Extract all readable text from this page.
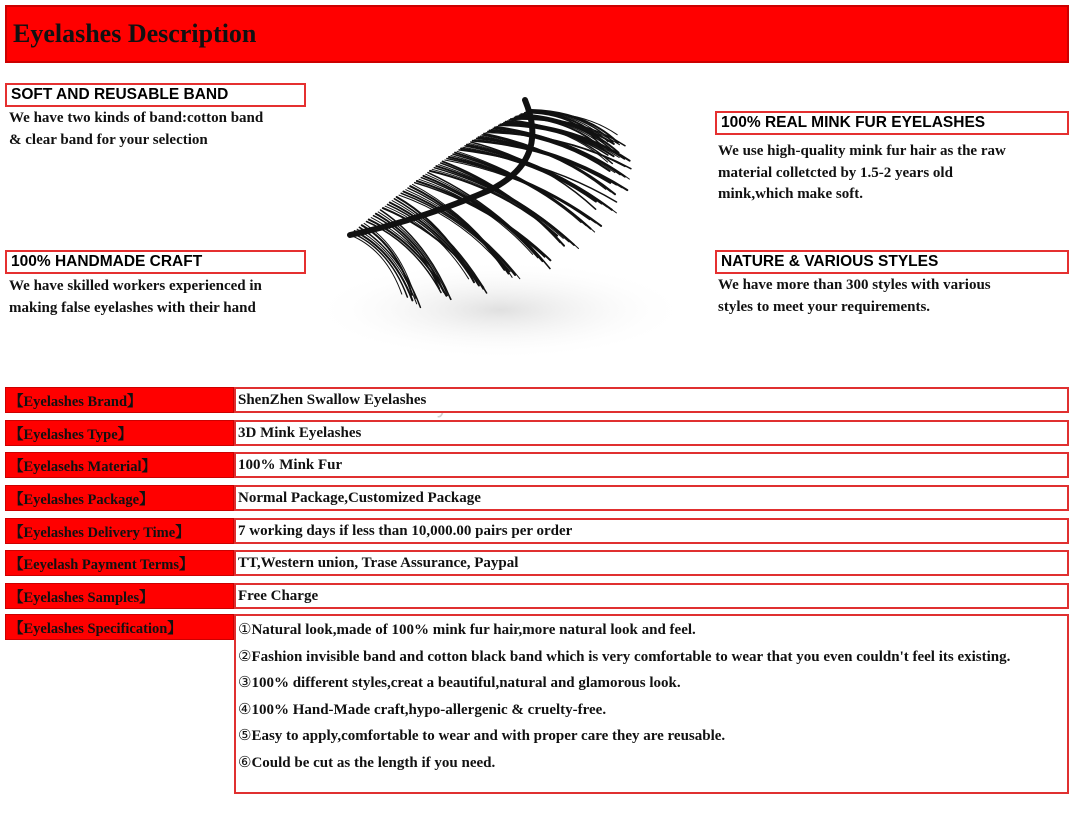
Eyelashes Description
SOFT AND REUSABLE BAND
We have two kinds of band:cotton band
& clear band for your selection
100% HANDMADE CRAFT
We have skilled workers experienced in
making false eyelashes with their hand
100% REAL MINK FUR EYELASHES
We use high-quality mink fur hair as the raw
material colletcted by 1.5-2 years old
mink,which make soft.
NATURE & VARIOUS STYLES
We have more than 300 styles with various
styles to meet your requirements.
【Eyelashes Brand】	ShenZhen Swallow Eyelashes
【Eyelashes Type】	3D Mink Eyelashes
【Eyelasehs Material】	100% Mink Fur
【Eyelashes Package】	Normal Package,Customized Package
【Eyelashes Delivery Time】	7 working days if less than 10,000.00 pairs per order
【Eeyelash Payment Terms】	TT,Western union, Trase Assurance, Paypal
【Eyelashes Samples】	Free Charge
【Eyelashes Specification】	①Natural look,made of 100% mink fur hair,more natural look and feel.
②Fashion invisible band and cotton black band which is very comfortable to wear that you even couldn't feel its existing.
③100% different styles,creat a beautiful,natural and glamorous look.
④100% Hand-Made craft,hypo-allergenic & cruelty-free.
⑤Easy to apply,comfortable to wear and with proper care they are reusable.
⑥Could be cut as the length if you need.
